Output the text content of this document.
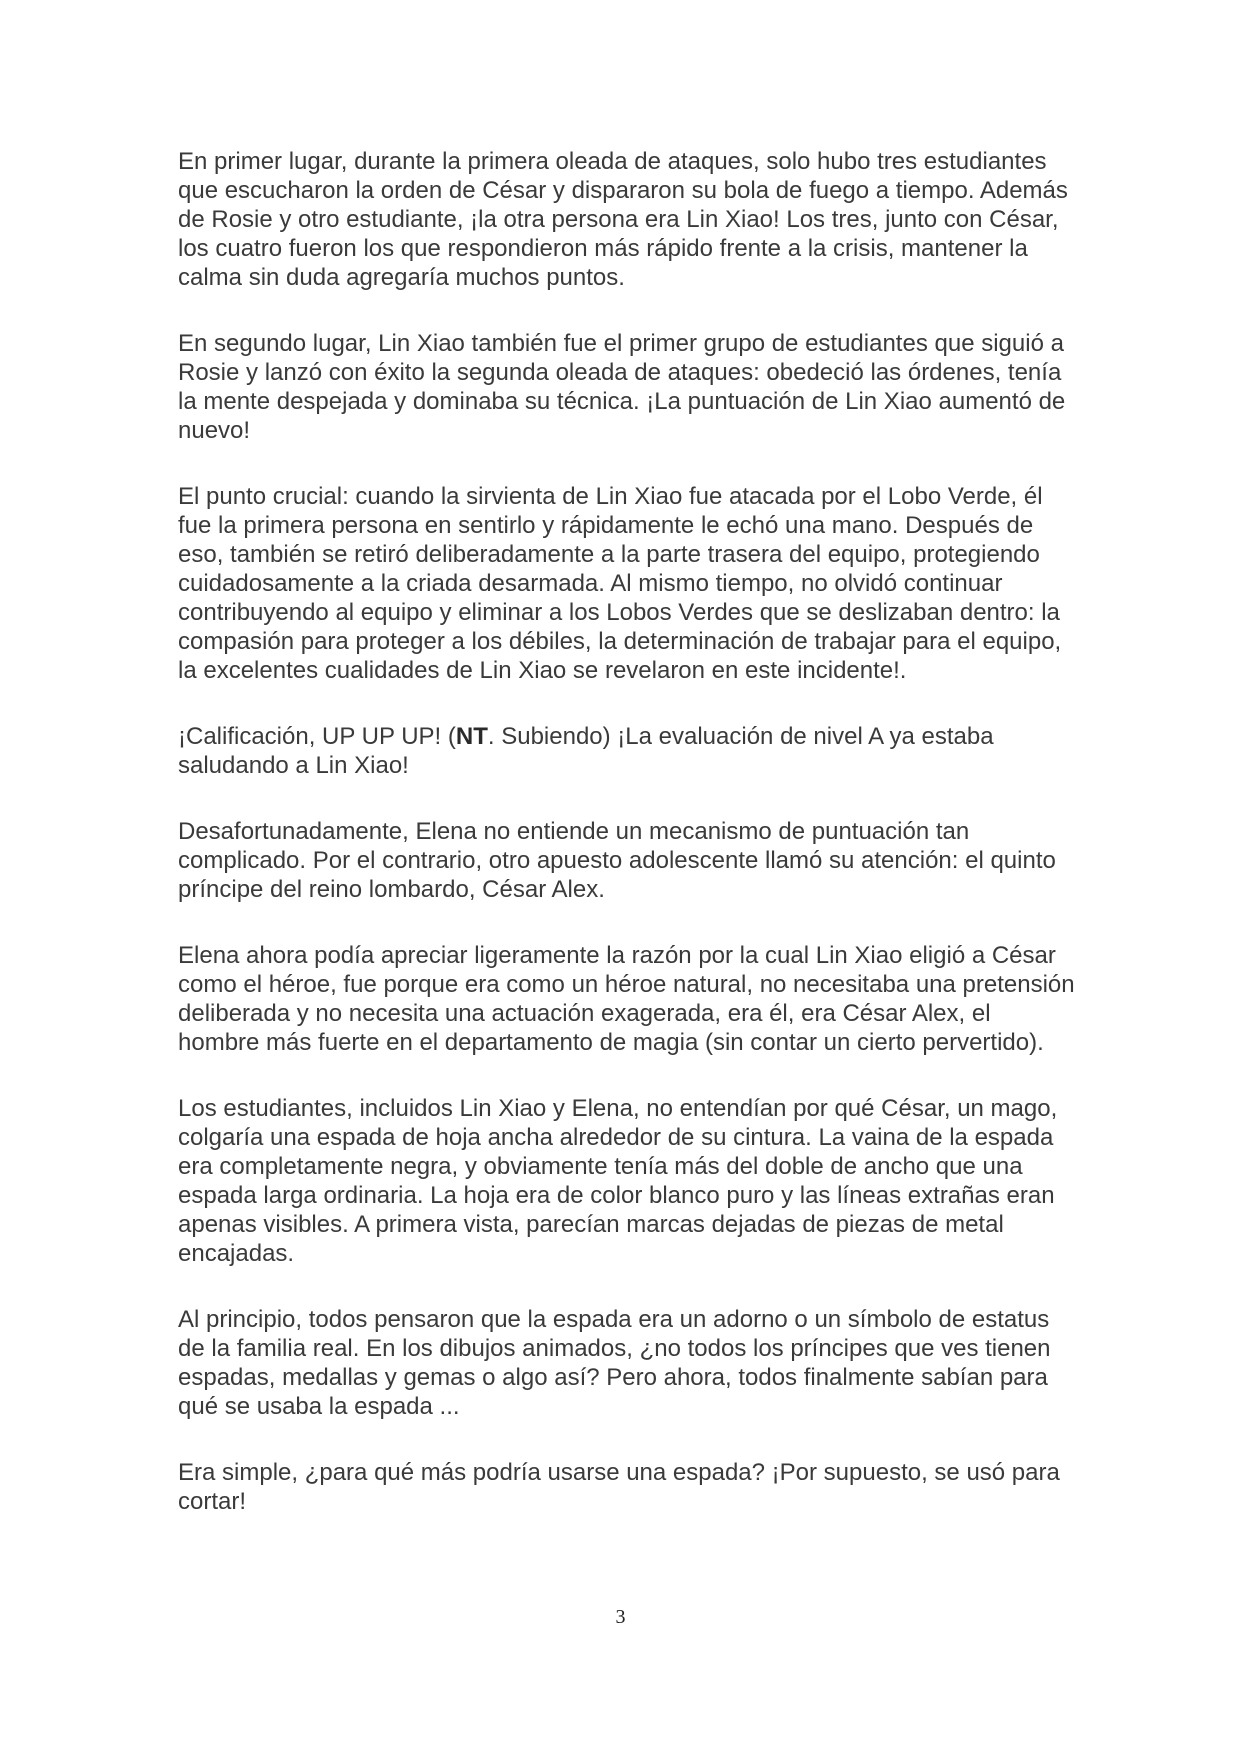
En primer lugar, durante la primera oleada de ataques, solo hubo tres estudiantes que escucharon la orden de César y dispararon su bola de fuego a tiempo. Además de Rosie y otro estudiante, ¡la otra persona era Lin Xiao! Los tres, junto con César, los cuatro fueron los que respondieron más rápido frente a la crisis, mantener la calma sin duda agregaría muchos puntos.

En segundo lugar, Lin Xiao también fue el primer grupo de estudiantes que siguió a Rosie y lanzó con éxito la segunda oleada de ataques: obedeció las órdenes, tenía la mente despejada y dominaba su técnica. ¡La puntuación de Lin Xiao aumentó de nuevo!

El punto crucial: cuando la sirvienta de Lin Xiao fue atacada por el Lobo Verde, él fue la primera persona en sentirlo y rápidamente le echó una mano. Después de eso, también se retiró deliberadamente a la parte trasera del equipo, protegiendo cuidadosamente a la criada desarmada. Al mismo tiempo, no olvidó continuar contribuyendo al equipo y eliminar a los Lobos Verdes que se deslizaban dentro: la compasión para proteger a los débiles, la determinación de trabajar para el equipo, la excelentes cualidades de Lin Xiao se revelaron en este incidente!.

¡Calificación, UP UP UP! (NT. Subiendo) ¡La evaluación de nivel A ya estaba saludando a Lin Xiao!

Desafortunadamente, Elena no entiende un mecanismo de puntuación tan complicado. Por el contrario, otro apuesto adolescente llamó su atención: el quinto príncipe del reino lombardo, César Alex.

Elena ahora podía apreciar ligeramente la razón por la cual Lin Xiao eligió a César como el héroe, fue porque era como un héroe natural, no necesitaba una pretensión deliberada y no necesita una actuación exagerada, era él, era César Alex, el hombre más fuerte en el departamento de magia (sin contar un cierto pervertido).

Los estudiantes, incluidos Lin Xiao y Elena, no entendían por qué César, un mago, colgaría una espada de hoja ancha alrededor de su cintura. La vaina de la espada era completamente negra, y obviamente tenía más del doble de ancho que una espada larga ordinaria. La hoja era de color blanco puro y las líneas extrañas eran apenas visibles. A primera vista, parecían marcas dejadas de piezas de metal encajadas.

Al principio, todos pensaron que la espada era un adorno o un símbolo de estatus de la familia real. En los dibujos animados, ¿no todos los príncipes que ves tienen espadas, medallas y gemas o algo así? Pero ahora, todos finalmente sabían para qué se usaba la espada ...

Era simple, ¿para qué más podría usarse una espada? ¡Por supuesto, se usó para cortar!

3
